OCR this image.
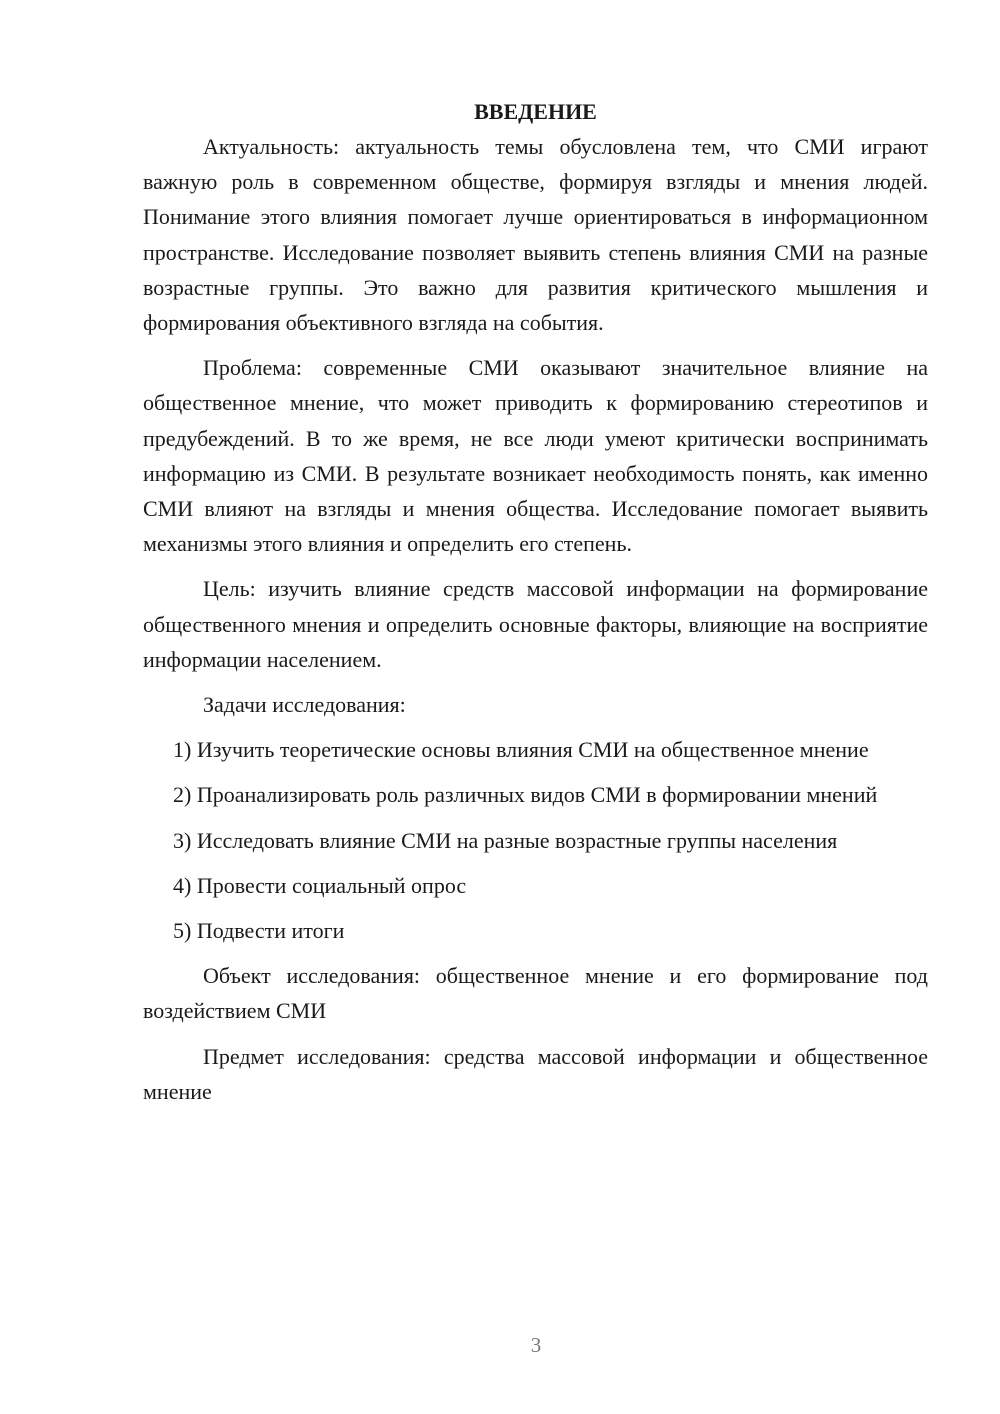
ВВЕДЕНИЕ

Актуальность: актуальность темы обусловлена тем, что СМИ играют важную роль в современном обществе, формируя взгляды и мнения людей. Понимание этого влияния помогает лучше ориентироваться в информационном пространстве. Исследование позволяет выявить степень влияния СМИ на разные возрастные группы. Это важно для развития критического мышления и формирования объективного взгляда на события.

Проблема: современные СМИ оказывают значительное влияние на общественное мнение, что может приводить к формированию стереотипов и предубеждений. В то же время, не все люди умеют критически воспринимать информацию из СМИ. В результате возникает необходимость понять, как именно СМИ влияют на взгляды и мнения общества. Исследование помогает выявить механизмы этого влияния и определить его степень.

Цель: изучить влияние средств массовой информации на формирование общественного мнения и определить основные факторы, влияющие на восприятие информации населением.

Задачи исследования:

1) Изучить теоретические основы влияния СМИ на общественное мнение

2) Проанализировать роль различных видов СМИ в формировании мнений

3) Исследовать влияние СМИ на разные возрастные группы населения

4) Провести социальный опрос

5) Подвести итоги

Объект исследования: общественное мнение и его формирование под воздействием СМИ

Предмет исследования: средства массовой информации и общественное мнение

3
